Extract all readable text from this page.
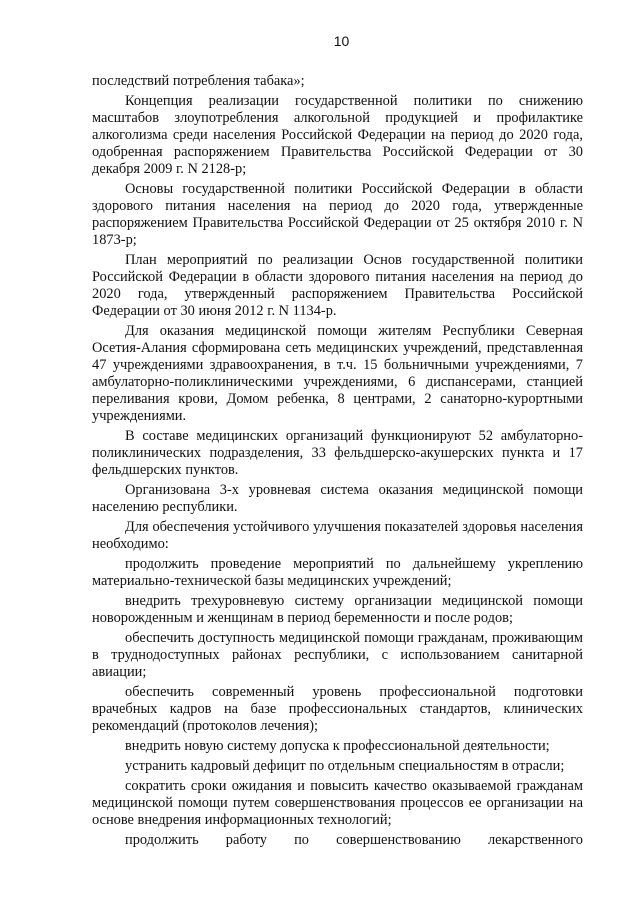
10

последствий потребления табака»;

Концепция реализации государственной политики по снижению масштабов злоупотребления алкогольной продукцией и профилактике алкоголизма среди населения Российской Федерации на период до 2020 года, одобренная распоряжением Правительства Российской Федерации от 30 декабря 2009 г. N 2128-р;

Основы государственной политики Российской Федерации в области здорового питания населения на период до 2020 года, утвержденные распоряжением Правительства Российской Федерации от 25 октября 2010 г. N 1873-р;

План мероприятий по реализации Основ государственной политики Российской Федерации в области здорового питания населения на период до 2020 года, утвержденный распоряжением Правительства Российской Федерации от 30 июня 2012 г. N 1134-р.

Для оказания медицинской помощи жителям Республики Северная Осетия-Алания сформирована сеть медицинских учреждений, представленная 47 учреждениями здравоохранения, в т.ч. 15 больничными учреждениями, 7 амбулаторно-поликлиническими учреждениями, 6 диспансерами, станцией переливания крови, Домом ребенка, 8 центрами, 2 санаторно-курортными учреждениями.

В составе медицинских организаций функционируют 52 амбулаторно-поликлинических подразделения, 33 фельдшерско-акушерских пункта и 17 фельдшерских пунктов.

Организована 3-х уровневая система оказания медицинской помощи населению республики.

Для обеспечения устойчивого улучшения показателей здоровья населения необходимо:

продолжить проведение мероприятий по дальнейшему укреплению материально-технической базы медицинских учреждений;

внедрить трехуровневую систему организации медицинской помощи новорожденным и женщинам в период беременности и после родов;

обеспечить доступность медицинской помощи гражданам, проживающим в труднодоступных районах республики, с использованием санитарной авиации;

обеспечить современный уровень профессиональной подготовки врачебных кадров на базе профессиональных стандартов, клинических рекомендаций (протоколов лечения);

внедрить новую систему допуска к профессиональной деятельности;

устранить кадровый дефицит по отдельным специальностям в отрасли;

сократить сроки ожидания и повысить качество оказываемой гражданам медицинской помощи путем совершенствования процессов ее организации на основе внедрения информационных технологий;

продолжить работу по совершенствованию лекарственного
